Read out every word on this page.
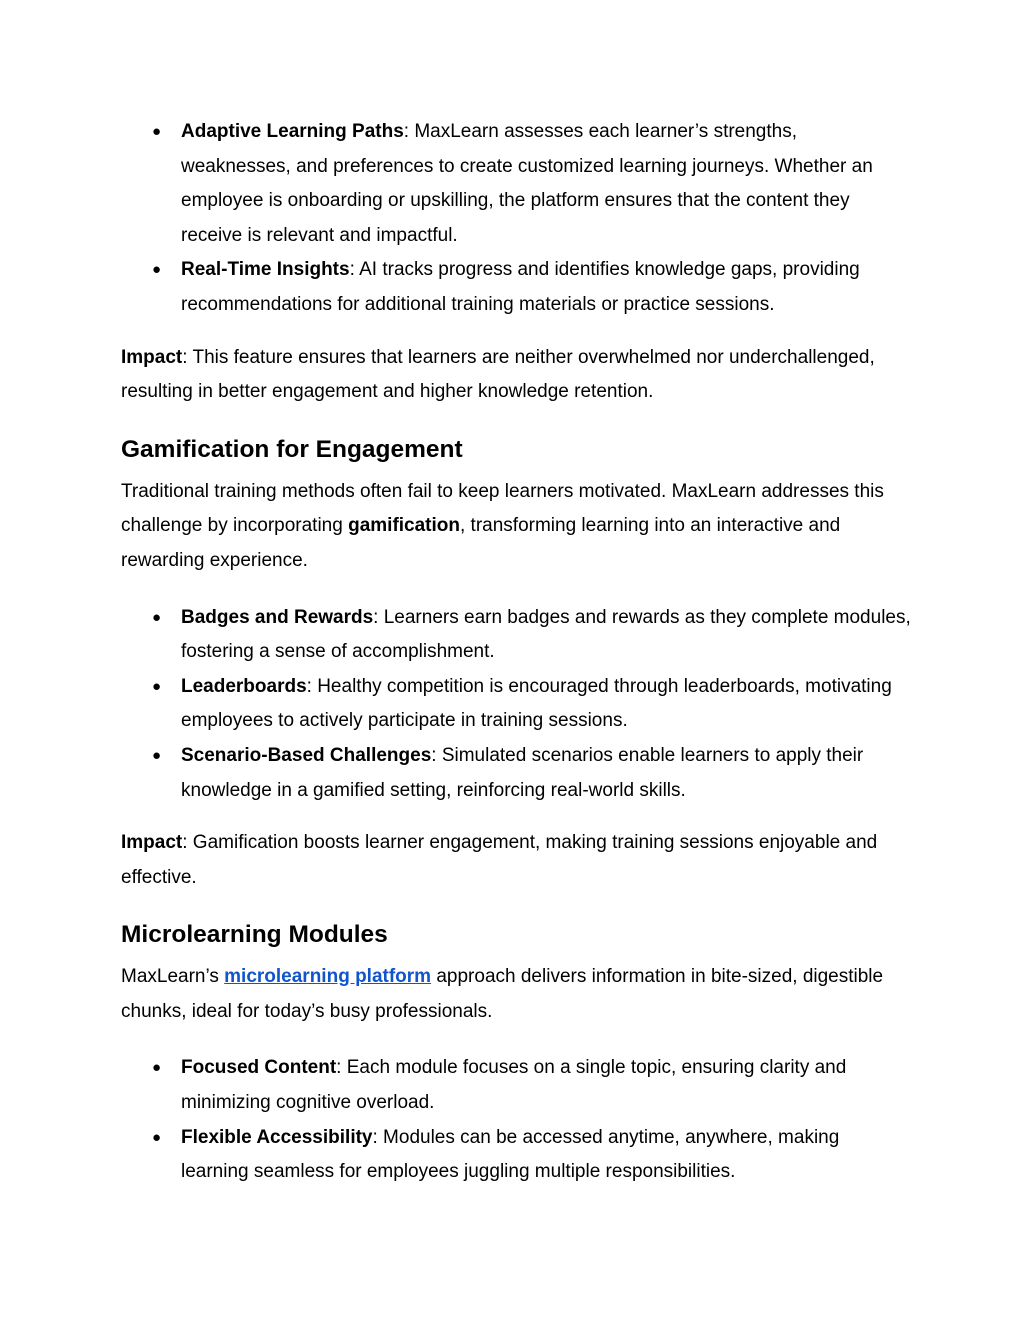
● Adaptive Learning Paths: MaxLearn assesses each learner’s strengths, weaknesses, and preferences to create customized learning journeys. Whether an employee is onboarding or upskilling, the platform ensures that the content they receive is relevant and impactful.
● Real-Time Insights: AI tracks progress and identifies knowledge gaps, providing recommendations for additional training materials or practice sessions.

Impact: This feature ensures that learners are neither overwhelmed nor underchallenged, resulting in better engagement and higher knowledge retention.

Gamification for Engagement

Traditional training methods often fail to keep learners motivated. MaxLearn addresses this challenge by incorporating gamification, transforming learning into an interactive and rewarding experience.

● Badges and Rewards: Learners earn badges and rewards as they complete modules, fostering a sense of accomplishment.
● Leaderboards: Healthy competition is encouraged through leaderboards, motivating employees to actively participate in training sessions.
● Scenario-Based Challenges: Simulated scenarios enable learners to apply their knowledge in a gamified setting, reinforcing real-world skills.

Impact: Gamification boosts learner engagement, making training sessions enjoyable and effective.

Microlearning Modules

MaxLearn’s microlearning platform approach delivers information in bite-sized, digestible chunks, ideal for today’s busy professionals.

● Focused Content: Each module focuses on a single topic, ensuring clarity and minimizing cognitive overload.
● Flexible Accessibility: Modules can be accessed anytime, anywhere, making learning seamless for employees juggling multiple responsibilities.
